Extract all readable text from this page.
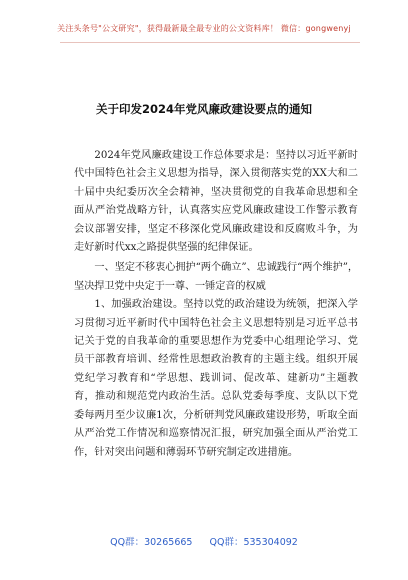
关注头条号"公文研究"，获得最新最全最专业的公文资料库！ 微信：gongwenyj
关于印发2024年党风廉政建设要点的通知

2024年党风廉政建设工作总体要求是：坚持以习近平新时代中国特色社会主义思想为指导，深入贯彻落实党的XX大和二十届中央纪委历次全会精神，坚决贯彻党的自我革命思想和全面从严治党战略方针，认真落实应党风廉政建设工作警示教育会议部署安排，坚定不移深化党风廉政建设和反腐败斗争，为走好新时代xx之路提供坚强的纪律保证。

一、坚定不移衷心拥护“两个确立”、忠诚践行“两个维护”，坚决捍卫党中央定于一尊、一锤定音的权威

1、加强政治建设。坚持以党的政治建设为统领，把深入学习贯彻习近平新时代中国特色社会主义思想特别是习近平总书记关于党的自我革命的重要思想作为党委中心组理论学习、党员干部教育培训、经常性思想政治教育的主题主线。组织开展党纪学习教育和“学思想、践训词、促改革、建新功”主题教育，推动和规范党内政治生活。总队党委每季度、支队以下党委每两月至少议廉1次，分析研判党风廉政建设形势，听取全面从严治党工作情况和巡察情况汇报，研究加强全面从严治党工作，针对突出问题和薄弱环节研究制定改进措施。

QQ群：30265665 QQ群：535304092
